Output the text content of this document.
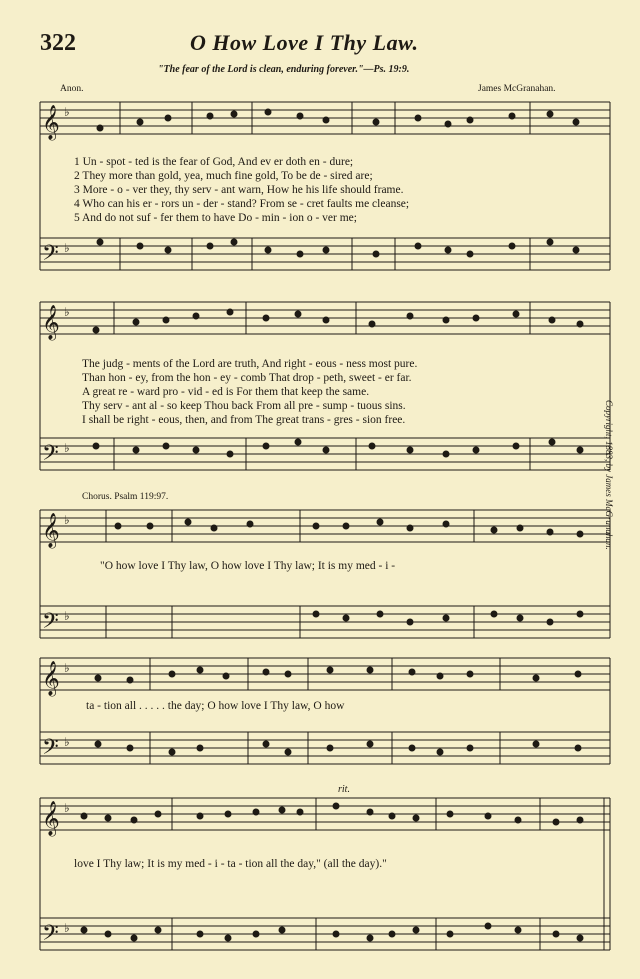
322	O How Love I Thy Law.
"The fear of the Lord is clean, enduring forever."—Ps. 19:9.
Anon.	James McGranahan.
𝄞
𝄢
♭
♭
𝄞
𝄢
♭
♭
𝄞
𝄢
♭
♭
𝄞
𝄢
♭
♭
𝄞
𝄢
♭
♭
1 Un - spot - ted is the fear of God, And ev er doth en - dure;
2 They more than gold, yea, much fine gold, To be de - sired are;
3 More - o - ver they, thy serv - ant warn, How he his life should frame.
4 Who can his er - rors un - der - stand? From se - cret faults me cleanse;
5 And do not suf - fer them to have Do - min - ion o - ver me;
The judg - ments of the Lord are truth, And right - eous - ness most pure.
Than hon - ey, from the hon - ey - comb That drop - peth, sweet - er far.
A great re - ward pro - vid - ed is For them that keep the same.
Thy serv - ant al - so keep Thou back From all pre - sump - tuous sins.
I shall be right - eous, then, and from The great trans - gres - sion free.
Chorus. Psalm 119:97.
"O how love I Thy law, O how love I Thy law; It is my med - i -
ta - tion all . . . . . the day; O how love I Thy law, O how
love I Thy law; It is my med - i - ta - tion all the day," (all the day)."
rit.
Copyright, 1883, by James McGranahan.
